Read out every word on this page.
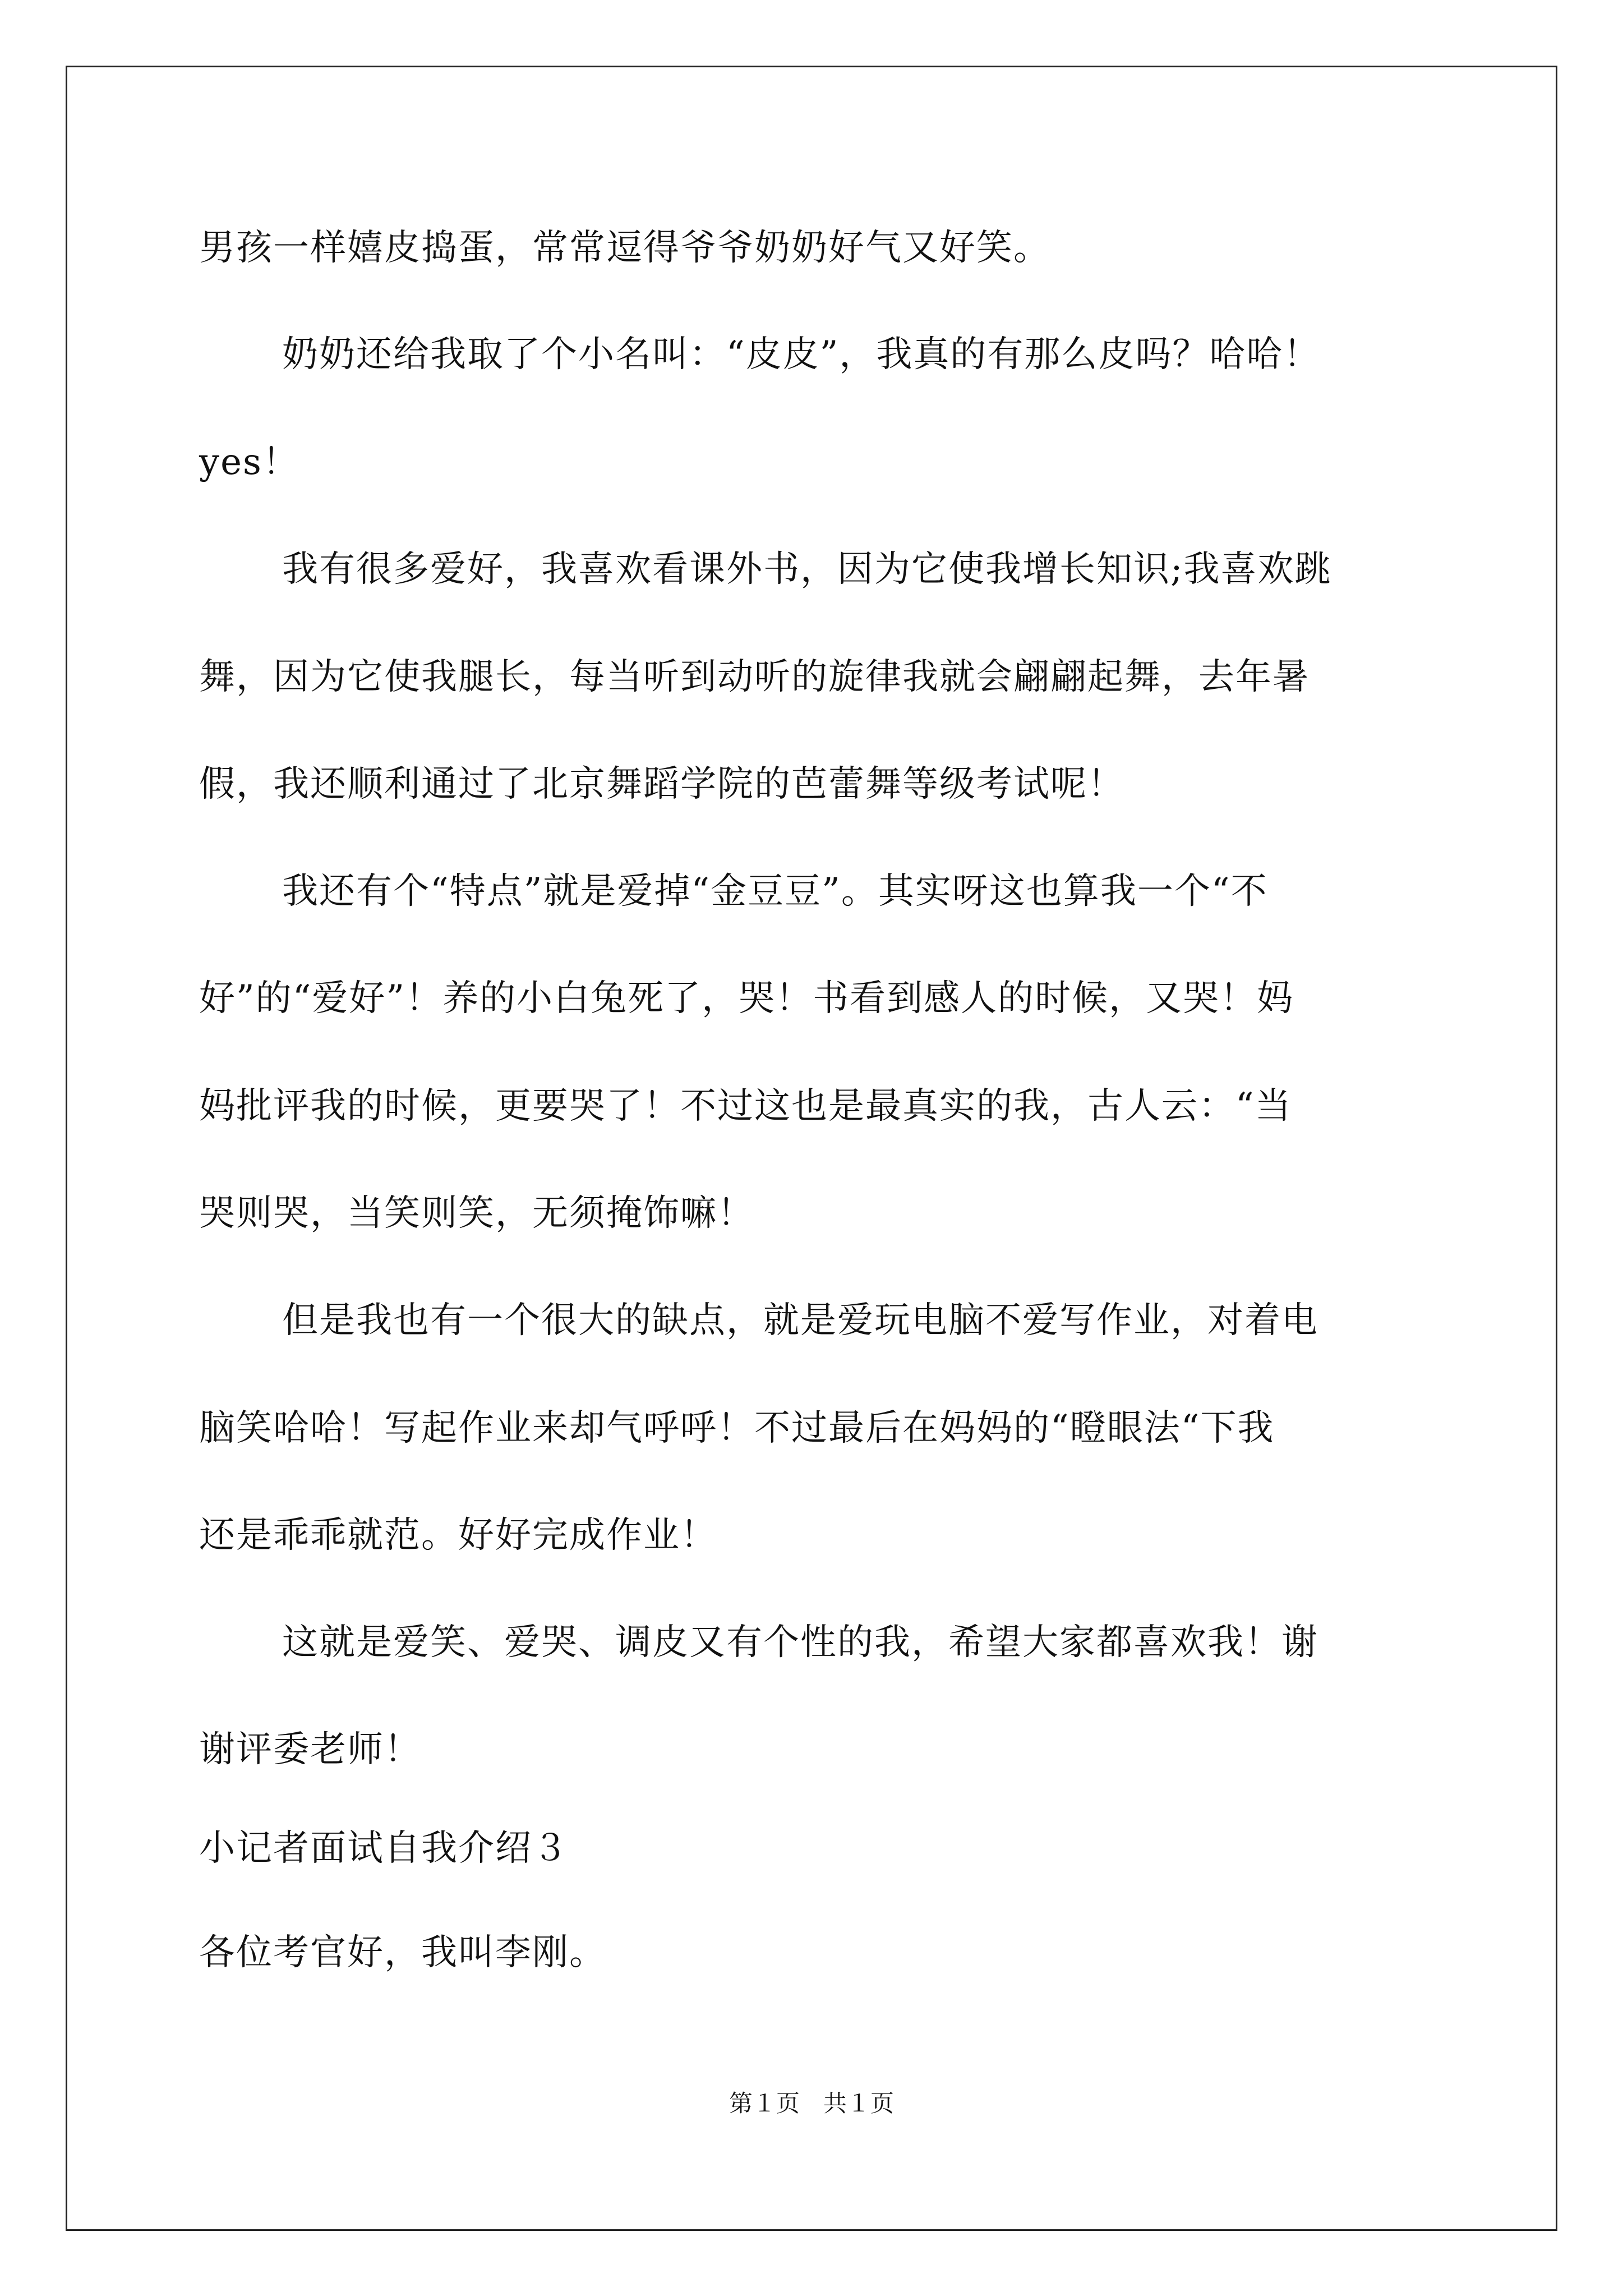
男孩一样嬉皮捣蛋，常常逗得爷爷奶奶好气又好笑。
奶奶还给我取了个小名叫：“皮皮”，我真的有那么皮吗？哈哈！
yes！
我有很多爱好，我喜欢看课外书，因为它使我增长知识;我喜欢跳
舞，因为它使我腿长，每当听到动听的旋律我就会翩翩起舞，去年暑
假，我还顺利通过了北京舞蹈学院的芭蕾舞等级考试呢！
我还有个“特点”就是爱掉“金豆豆”。其实呀这也算我一个“不
好”的“爱好”！养的小白兔死了，哭！书看到感人的时候，又哭！妈
妈批评我的时候，更要哭了！不过这也是最真实的我，古人云：“当
哭则哭，当笑则笑，无须掩饰嘛！
但是我也有一个很大的缺点，就是爱玩电脑不爱写作业，对着电
脑笑哈哈！写起作业来却气呼呼！不过最后在妈妈的“瞪眼法“下我
还是乖乖就范。好好完成作业！
这就是爱笑、爱哭、调皮又有个性的我，希望大家都喜欢我！谢
谢评委老师！
小记者面试自我介绍３
各位考官好，我叫李刚。
第１页　共１页
